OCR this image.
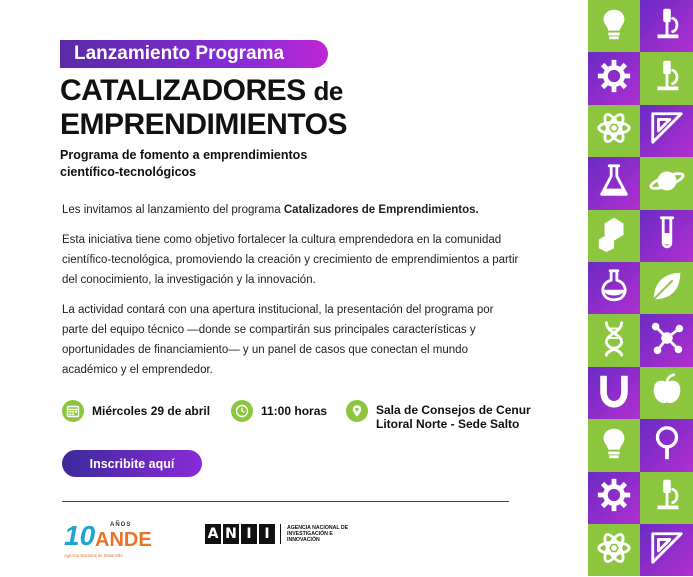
Lanzamiento Programa
CATALIZADORES de
EMPRENDIMIENTOS

Programa de fomento a emprendimientos científico-tecnológicos

Les invitamos al lanzamiento del programa Catalizadores de Emprendimientos.

Esta iniciativa tiene como objetivo fortalecer la cultura emprendedora en la comunidad científico-tecnológica, promoviendo la creación y crecimiento de emprendimientos a partir del conocimiento, la investigación y la innovación.

La actividad contará con una apertura institucional, la presentación del programa por parte del equipo técnico —donde se compartirán sus principales características y oportunidades de financiamiento— y un panel de casos que conectan el mundo académico y el emprendedor.

Miércoles 29 de abril	11:00 horas	Sala de Consejos de Cenur
Litoral Norte - Sede Salto
Inscribite aquí
10 AÑOS
ANDE
Agencia Nacional de Desarrollo
A N I I	AGENCIA NACIONAL DE INVESTIGACIÓN E INNOVACIÓN
